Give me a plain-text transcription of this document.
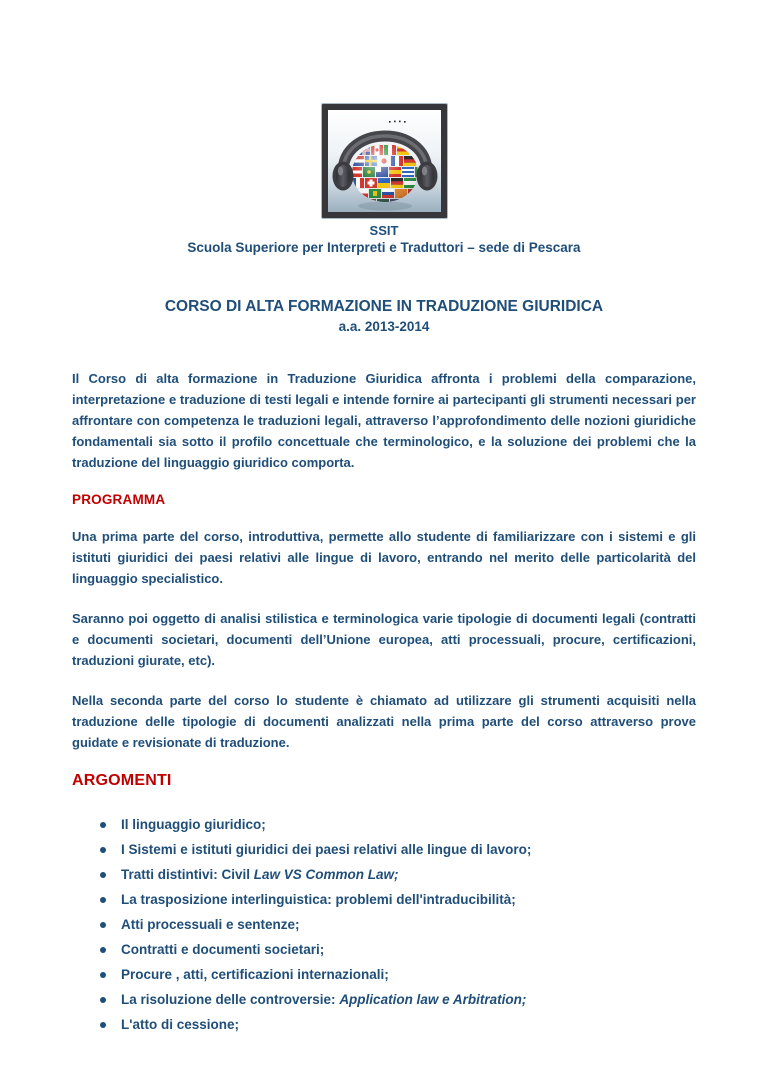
SSIT
Scuola Superiore per Interpreti e Traduttori – sede di Pescara
CORSO DI ALTA FORMAZIONE IN TRADUZIONE GIURIDICA
a.a. 2013-2014

Il Corso di alta formazione in Traduzione Giuridica affronta i problemi della comparazione, interpretazione e traduzione di testi legali e intende fornire ai partecipanti gli strumenti necessari per affrontare con competenza le traduzioni legali, attraverso l’approfondimento delle nozioni giuridiche fondamentali sia sotto il profilo concettuale che terminologico, e la soluzione dei problemi che la traduzione del linguaggio giuridico comporta.

PROGRAMMA

Una prima parte del corso, introduttiva, permette allo studente di familiarizzare con i sistemi e gli istituti giuridici dei paesi relativi alle lingue di lavoro, entrando nel merito delle particolarità del linguaggio specialistico.

Saranno poi oggetto di analisi stilistica e terminologica varie tipologie di documenti legali (contratti e documenti societari, documenti dell’Unione europea, atti processuali, procure, certificazioni, traduzioni giurate, etc).

Nella seconda parte del corso lo studente è chiamato ad utilizzare gli strumenti acquisiti nella traduzione delle tipologie di documenti analizzati nella prima parte del corso attraverso prove guidate e revisionate di traduzione.

ARGOMENTI
Il linguaggio giuridico;
I Sistemi e istituti giuridici dei paesi relativi alle lingue di lavoro;
Tratti distintivi: Civil Law VS Common Law;
La trasposizione interlinguistica: problemi dell'intraducibilità;
Atti processuali e sentenze;
Contratti e documenti societari;
Procure , atti, certificazioni internazionali;
La risoluzione delle controversie: Application law e Arbitration;
L'atto di cessione;
